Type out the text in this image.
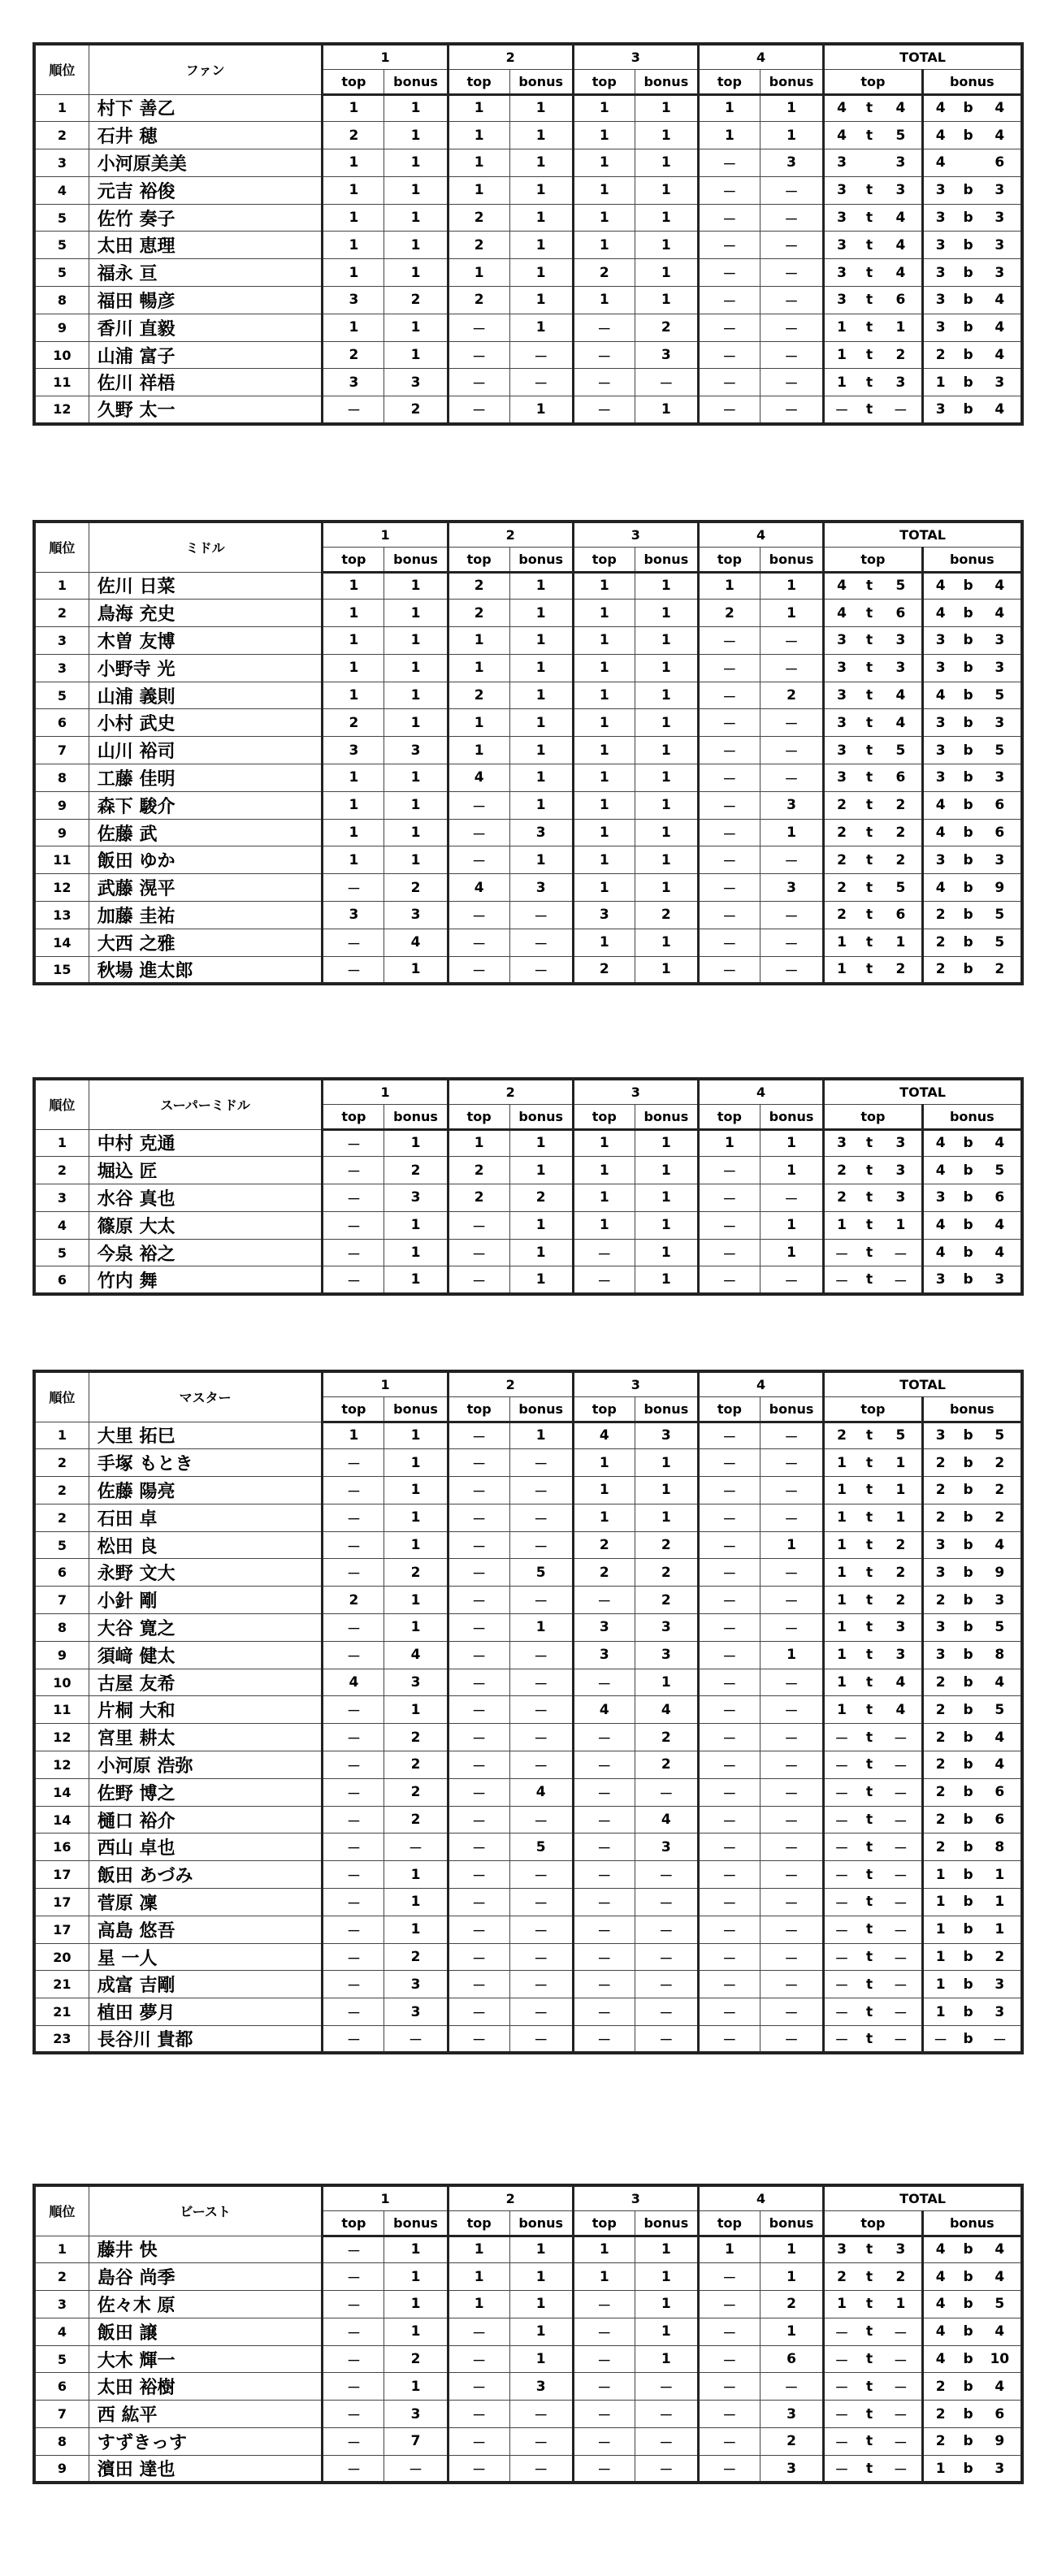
順位	ファン	1		2		3		4		TOTAL					
		top	bonus	top	bonus	top	bonus	top	bonus	top			bonus		
1	村下 善乙	1	1	1	1	1	1	1	1	4	t	4	4	b	4
2	石井 穂	2	1	1	1	1	1	1	1	4	t	5	4	b	4
3	小河原美美	1	1	1	1	1	1	－	3	3		3	4		6
4	元吉 裕俊	1	1	1	1	1	1	－	－	3	t	3	3	b	3
5	佐竹 奏子	1	1	2	1	1	1	－	－	3	t	4	3	b	3
5	太田 恵理	1	1	2	1	1	1	－	－	3	t	4	3	b	3
5	福永 亘	1	1	1	1	2	1	－	－	3	t	4	3	b	3
8	福田 暢彦	3	2	2	1	1	1	－	－	3	t	6	3	b	4
9	香川 直毅	1	1	－	1	－	2	－	－	1	t	1	3	b	4
10	山浦 富子	2	1	－	－	－	3	－	－	1	t	2	2	b	4
11	佐川 祥梧	3	3	－	－	－	－	－	－	1	t	3	1	b	3
12	久野 太一	－	2	－	1	－	1	－	－	－	t	－	3	b	4
順位	ミドル	1		2		3		4		TOTAL					
		top	bonus	top	bonus	top	bonus	top	bonus	top			bonus		
1	佐川 日菜	1	1	2	1	1	1	1	1	4	t	5	4	b	4
2	鳥海 充史	1	1	2	1	1	1	2	1	4	t	6	4	b	4
3	木曽 友博	1	1	1	1	1	1	－	－	3	t	3	3	b	3
3	小野寺 光	1	1	1	1	1	1	－	－	3	t	3	3	b	3
5	山浦 義則	1	1	2	1	1	1	－	2	3	t	4	4	b	5
6	小村 武史	2	1	1	1	1	1	－	－	3	t	4	3	b	3
7	山川 裕司	3	3	1	1	1	1	－	－	3	t	5	3	b	5
8	工藤 佳明	1	1	4	1	1	1	－	－	3	t	6	3	b	3
9	森下 駿介	1	1	－	1	1	1	－	3	2	t	2	4	b	6
9	佐藤 武	1	1	－	3	1	1	－	1	2	t	2	4	b	6
11	飯田 ゆか	1	1	－	1	1	1	－	－	2	t	2	3	b	3
12	武藤 滉平	－	2	4	3	1	1	－	3	2	t	5	4	b	9
13	加藤 圭祐	3	3	－	－	3	2	－	－	2	t	6	2	b	5
14	大西 之雅	－	4	－	－	1	1	－	－	1	t	1	2	b	5
15	秋場 進太郎	－	1	－	－	2	1	－	－	1	t	2	2	b	2
順位	スーパーミドル	1		2		3		4		TOTAL					
		top	bonus	top	bonus	top	bonus	top	bonus	top			bonus		
1	中村 克通	－	1	1	1	1	1	1	1	3	t	3	4	b	4
2	堀込 匠	－	2	2	1	1	1	－	1	2	t	3	4	b	5
3	水谷 真也	－	3	2	2	1	1	－	－	2	t	3	3	b	6
4	篠原 大太	－	1	－	1	1	1	－	1	1	t	1	4	b	4
5	今泉 裕之	－	1	－	1	－	1	－	1	－	t	－	4	b	4
6	竹内 舞	－	1	－	1	－	1	－	－	－	t	－	3	b	3
順位	マスター	1		2		3		4		TOTAL					
		top	bonus	top	bonus	top	bonus	top	bonus	top			bonus		
1	大里 拓巳	1	1	－	1	4	3	－	－	2	t	5	3	b	5
2	手塚 もとき	－	1	－	－	1	1	－	－	1	t	1	2	b	2
2	佐藤 陽亮	－	1	－	－	1	1	－	－	1	t	1	2	b	2
2	石田 卓	－	1	－	－	1	1	－	－	1	t	1	2	b	2
5	松田 良	－	1	－	－	2	2	－	1	1	t	2	3	b	4
6	永野 文大	－	2	－	5	2	2	－	－	1	t	2	3	b	9
7	小針 剛	2	1	－	－	－	2	－	－	1	t	2	2	b	3
8	大谷 寛之	－	1	－	1	3	3	－	－	1	t	3	3	b	5
9	須﨑 健太	－	4	－	－	3	3	－	1	1	t	3	3	b	8
10	古屋 友希	4	3	－	－	－	1	－	－	1	t	4	2	b	4
11	片桐 大和	－	1	－	－	4	4	－	－	1	t	4	2	b	5
12	宮里 耕太	－	2	－	－	－	2	－	－	－	t	－	2	b	4
12	小河原 浩弥	－	2	－	－	－	2	－	－	－	t	－	2	b	4
14	佐野 博之	－	2	－	4	－	－	－	－	－	t	－	2	b	6
14	樋口 裕介	－	2	－	－	－	4	－	－	－	t	－	2	b	6
16	西山 卓也	－	－	－	5	－	3	－	－	－	t	－	2	b	8
17	飯田 あづみ	－	1	－	－	－	－	－	－	－	t	－	1	b	1
17	菅原 凜	－	1	－	－	－	－	－	－	－	t	－	1	b	1
17	高島 悠吾	－	1	－	－	－	－	－	－	－	t	－	1	b	1
20	星 一人	－	2	－	－	－	－	－	－	－	t	－	1	b	2
21	成富 吉剛	－	3	－	－	－	－	－	－	－	t	－	1	b	3
21	植田 夢月	－	3	－	－	－	－	－	－	－	t	－	1	b	3
23	長谷川 貴都	－	－	－	－	－	－	－	－	－	t	－	－	b	－
順位	ビースト	1		2		3		4		TOTAL					
		top	bonus	top	bonus	top	bonus	top	bonus	top			bonus		
1	藤井 快	－	1	1	1	1	1	1	1	3	t	3	4	b	4
2	島谷 尚季	－	1	1	1	1	1	－	1	2	t	2	4	b	4
3	佐々木 原	－	1	1	1	－	1	－	2	1	t	1	4	b	5
4	飯田 譲	－	1	－	1	－	1	－	1	－	t	－	4	b	4
5	大木 輝一	－	2	－	1	－	1	－	6	－	t	－	4	b	10
6	太田 裕樹	－	1	－	3	－	－	－	－	－	t	－	2	b	4
7	西 紘平	－	3	－	－	－	－	－	3	－	t	－	2	b	6
8	すずきっす	－	7	－	－	－	－	－	2	－	t	－	2	b	9
9	濱田 達也	－	－	－	－	－	－	－	3	－	t	－	1	b	3
